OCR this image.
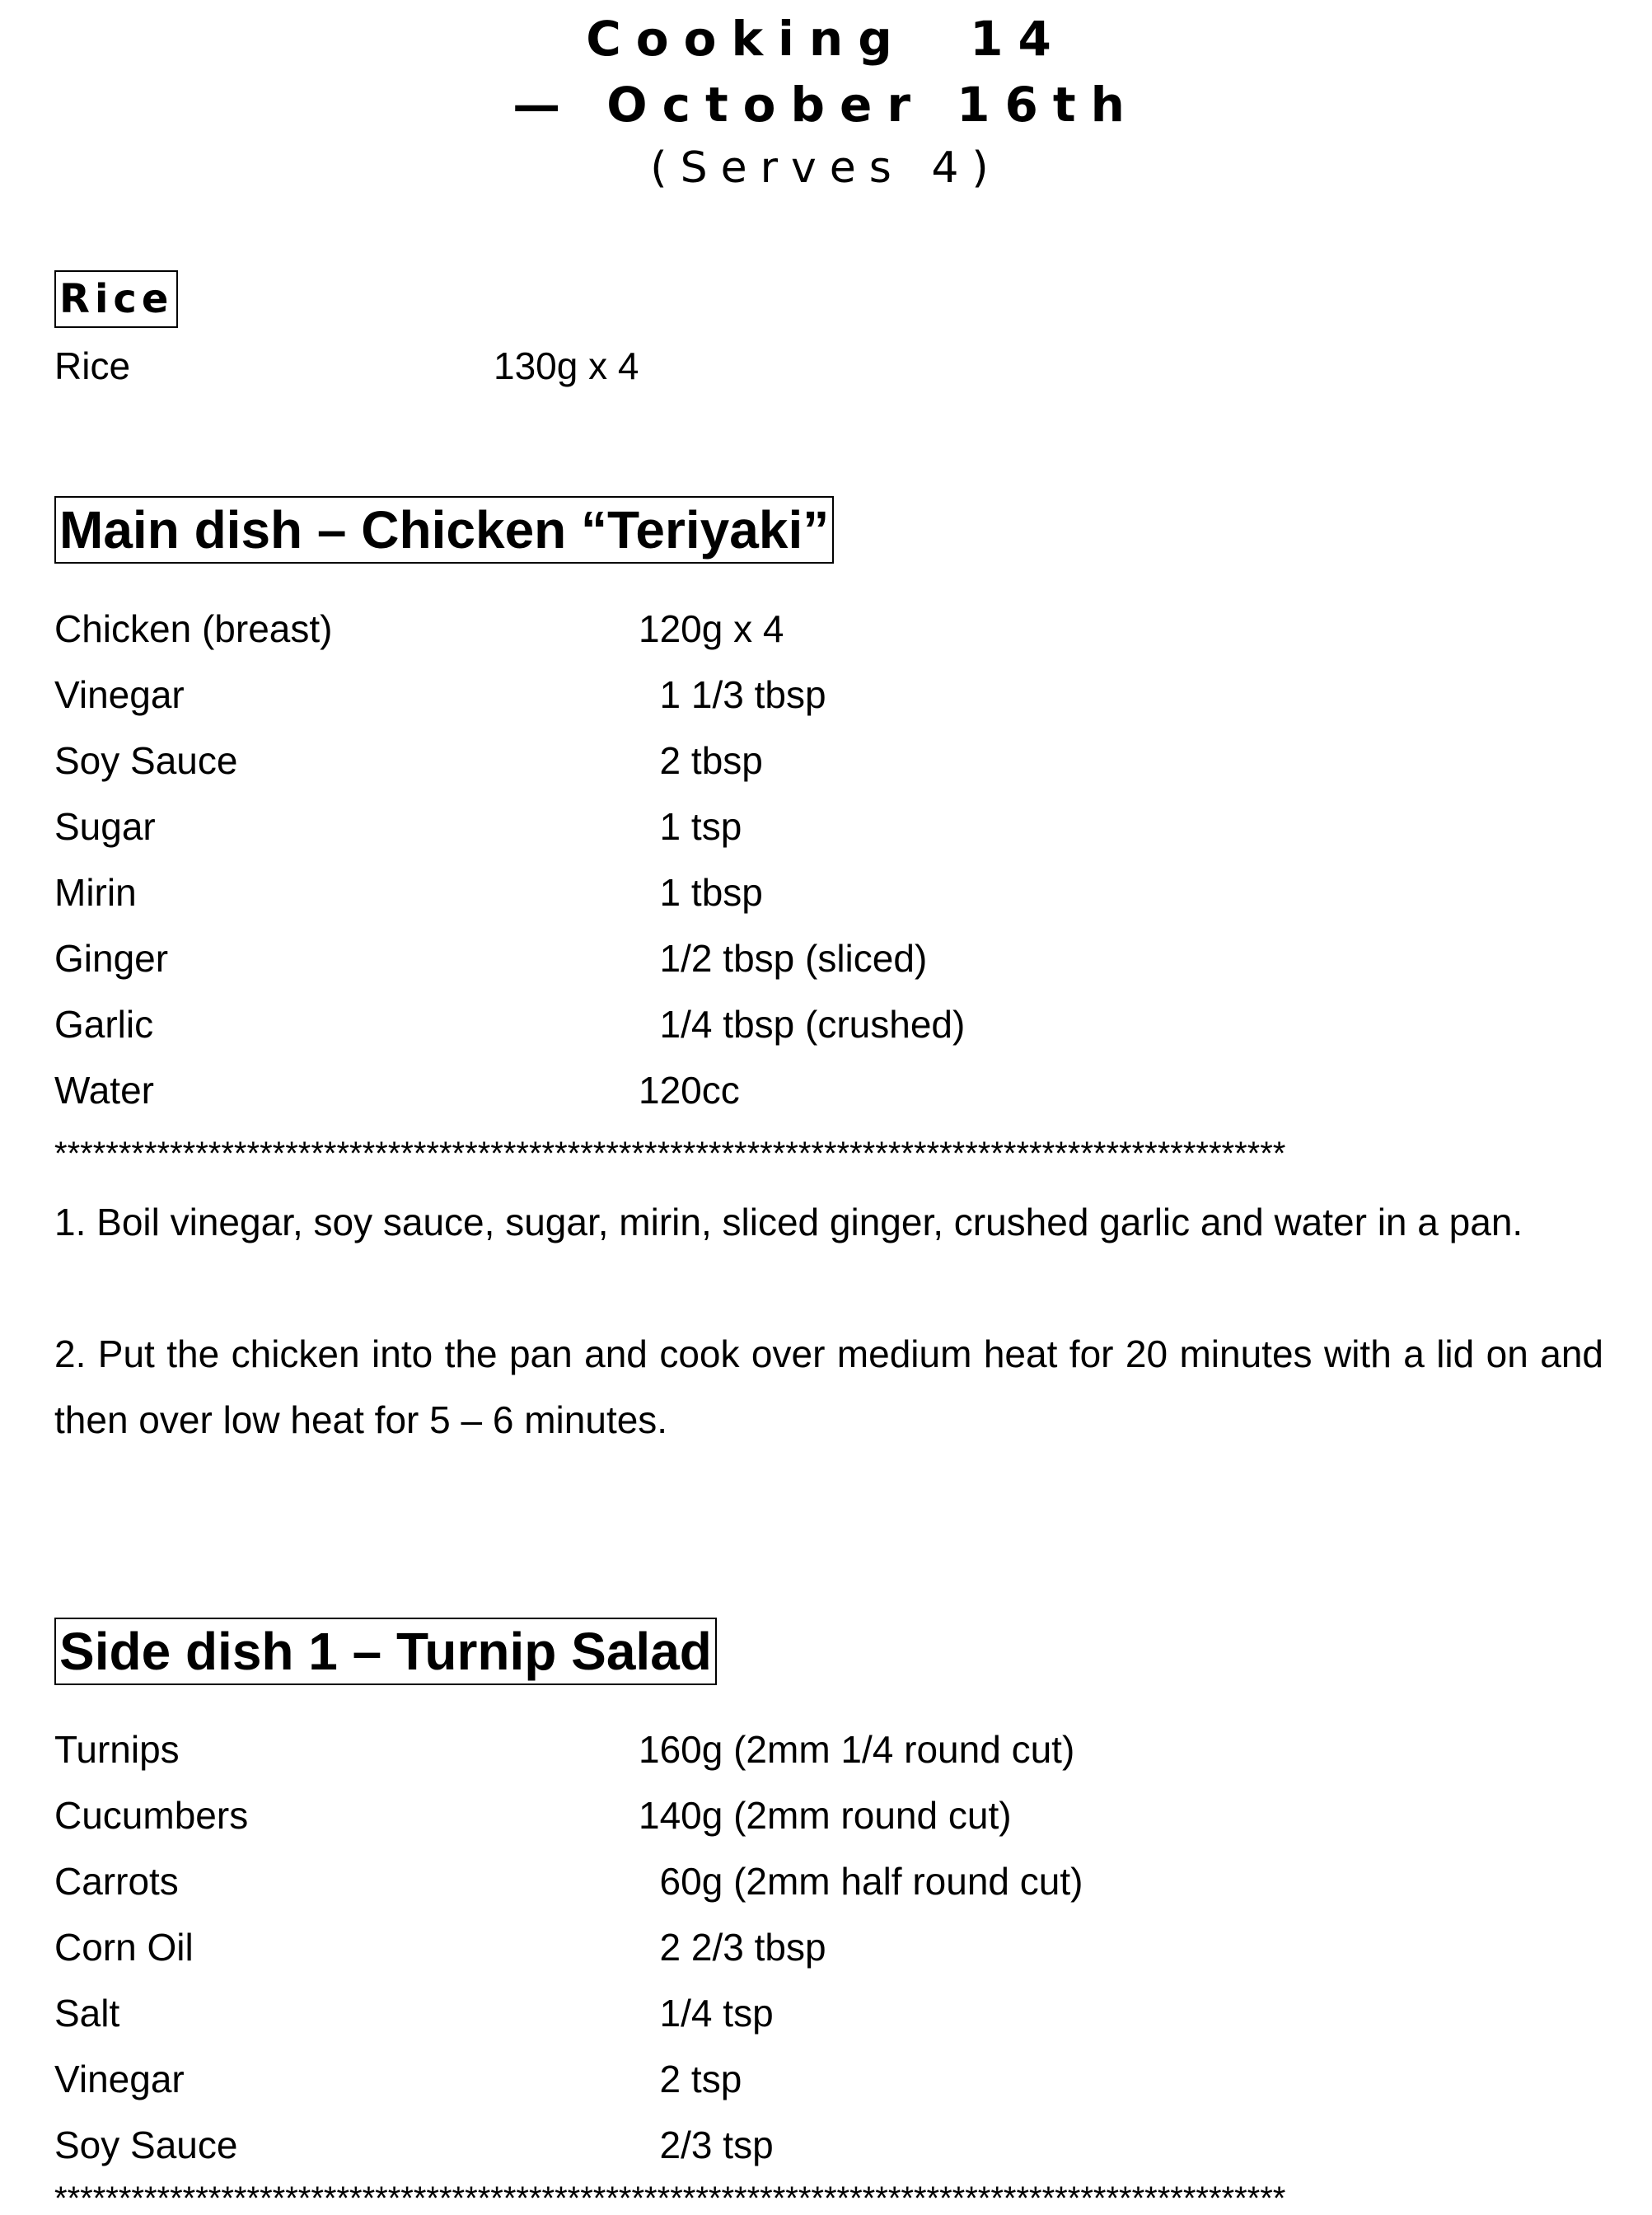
Cooking  14
— October 16th
(Serves 4)
Rice
Rice	130g x 4
Main dish – Chicken “Teriyaki”
Chicken (breast)	120g x 4
Vinegar	1 1/3 tbsp
Soy Sauce	2 tbsp
Sugar	1 tsp
Mirin	1 tbsp
Ginger	1/2 tbsp (sliced)
Garlic	1/4 tbsp (crushed)
Water	120cc
************************************************************************************************

1. Boil vinegar, soy sauce, sugar, mirin, sliced ginger, crushed garlic and water in a pan.

2. Put the chicken into the pan and cook over medium heat for 20 minutes with a lid on and then over low heat for 5 – 6 minutes.

Side dish 1 – Turnip Salad
Turnips	160g (2mm 1/4 round cut)
Cucumbers	140g (2mm round cut)
Carrots	60g (2mm half round cut)
Corn Oil	2 2/3 tbsp
Salt	1/4 tsp
Vinegar	2 tsp
Soy Sauce	2/3 tsp
************************************************************************************************
